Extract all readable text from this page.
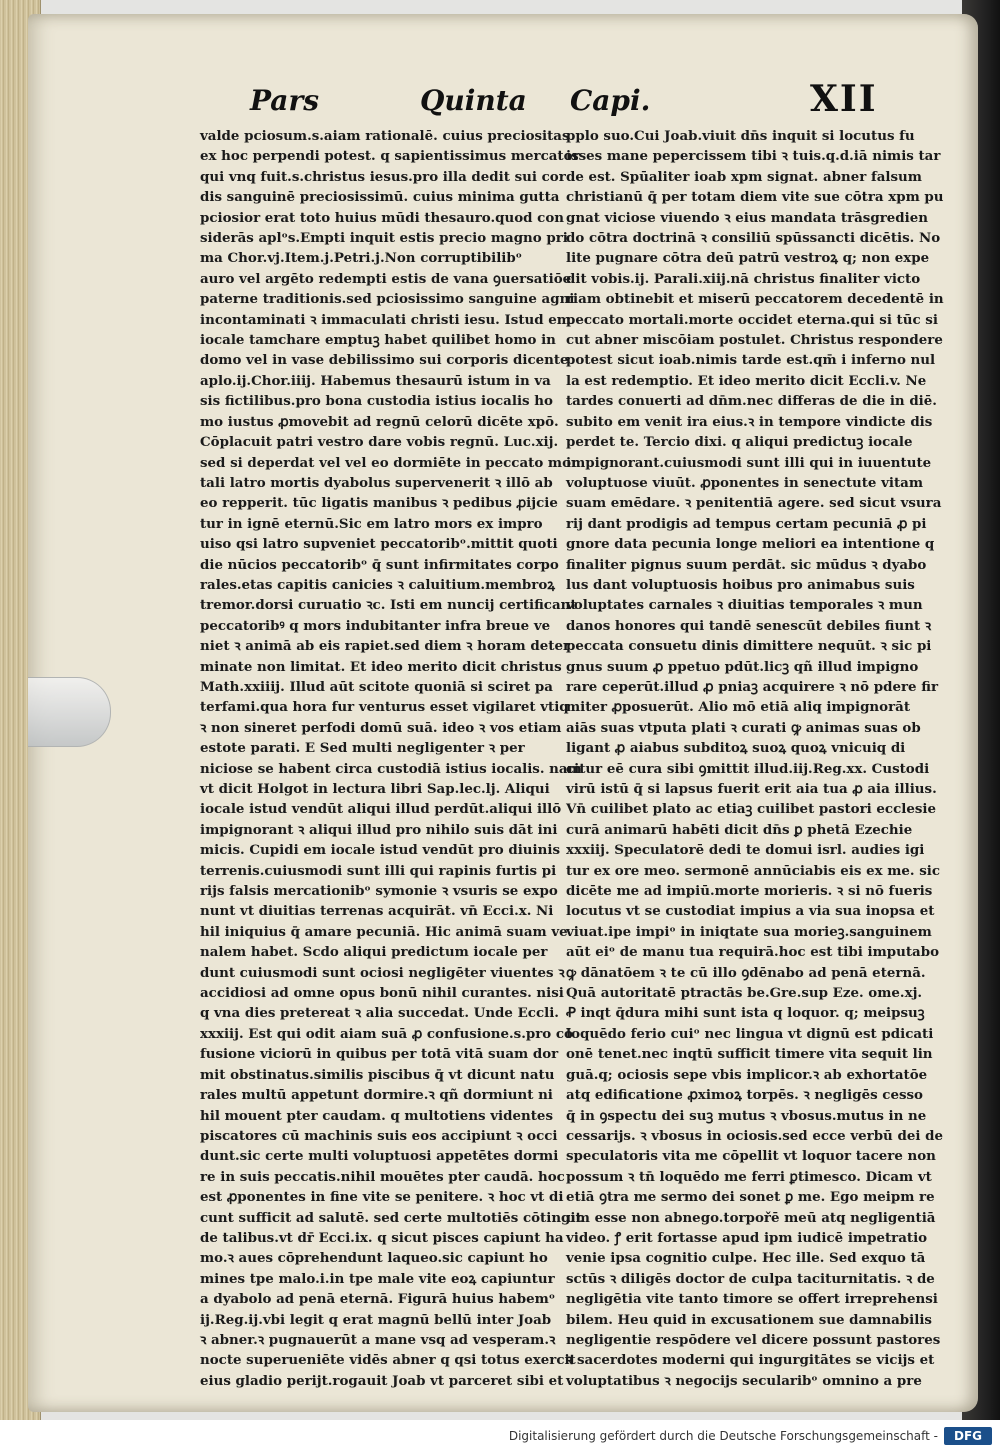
Pars	Quinta Capi.	XII
valde pciosum.s.aiam rationalē. cuius preciositas
ex hoc perpendi potest. q sapientissimus mercator
qui vnq fuit.s.christus iesus.pro illa dedit sui cor
dis sanguinē preciosissimū. cuius minima gutta
pciosior erat toto huius mūdi thesauro.quod con
siderās aplᵒs.Empti inquit estis precio magno pri
ma Chor.vj.Item.j.Petri.j.Non corruptibilibᵒ
auro vel argēto redempti estis de vana ꝯuersatiōe
paterne traditionis.sed pciosissimo sanguine agni
incontaminati ꝛ immaculati christi iesu. Istud em
iocale tamchare emptuꝫ habet quilibet homo in
domo vel in vase debilissimo sui corporis dicente
aplo.ij.Chor.iiij. Habemus thesaurū istum in va
sis fictilibus.pro bona custodia istius iocalis ho
mo iustus ꝓmovebit ad regnū celorū dicēte xpō.
Cōplacuit patri vestro dare vobis regnū. Luc.xij.
sed si deperdat vel vel eo dormiēte in peccato mor
tali latro mortis dyabolus supervenerit ꝛ illō ab
eo repperit. tūc ligatis manibus ꝛ pedibus ꝓijcie
tur in ignē eternū.Sic em latro mors ex impro
uiso qsi latro supveniet peccatoribᵒ.mittit quoti
die nūcios peccatoribᵒ q̄ sunt infirmitates corpo
rales.etas capitis canicies ꝛ caluitium.membroꝝ
tremor.dorsi curuatio ꝛc. Isti em nuncij certificant
peccatoribꝰ q mors indubitanter infra breue ve
niet ꝛ animā ab eis rapiet.sed diem ꝛ horam deter
minate non limitat. Et ideo merito dicit christus
Math.xxiiij. Illud aūt scitote quoniā si sciret pa
terfami.qua hora fur venturus esset vigilaret vtiq
ꝛ non sineret perfodi domū suā. ideo ꝛ vos etiam
estote parati. E Sed multi negligenter ꝛ per
niciose se habent circa custodiā istius iocalis. nam
vt dicit Holgot in lectura libri Sap.lec.lj. Aliqui
iocale istud vendūt aliqui illud perdūt.aliqui illō
impignorant ꝛ aliqui illud pro nihilo suis dāt ini
micis. Cupidi em iocale istud vendūt pro diuinis
terrenis.cuiusmodi sunt illi qui rapinis furtis pi
rijs falsis mercationibᵒ symonie ꝛ vsuris se expo
nunt vt diuitias terrenas acquirāt. vn̄ Ecci.x. Ni
hil iniquius q̄ amare pecuniā. Hic animā suam ve
nalem habet. Scdo aliqui predictum iocale per
dunt cuiusmodi sunt ociosi negligēter viuentes ꝛ
accidiosi ad omne opus bonū nihil curantes. nisi
q vna dies pretereat ꝛ alia succedat. Unde Eccli.
xxxiij. Est qui odit aiam suā ꝓ confusione.s.pro cō
fusione viciorū in quibus per totā vitā suam dor
mit obstinatus.similis piscibus q̄ vt dicunt natu
rales multū appetunt dormire.ꝛ qñ dormiunt ni
hil mouent pter caudam. q multotiens videntes
piscatores cū machinis suis eos accipiunt ꝛ occi
dunt.sic certe multi voluptuosi appetētes dormi
re in suis peccatis.nihil mouētes pter caudā. hoc
est ꝓponentes in fine vite se penitere. ꝛ hoc vt di
cunt sufficit ad salutē. sed certe multotiēs cōtingit
de talibus.vt dr̄ Ecci.ix. q sicut pisces capiunt ha
mo.ꝛ aues cōprehendunt laqueo.sic capiunt ho
mines tpe malo.i.in tpe male vite eoꝝ capiuntur
a dyabolo ad penā eternā. Figurā huius habemᵒ
ij.Reg.ij.vbi legit q erat magnū bellū inter Joab
ꝛ abner.ꝛ pugnauerūt a mane vsq ad vesperam.ꝛ
nocte superueniēte vidēs abner q qsi totus exercit
eius gladio perijt.rogauit Joab vt parceret sibi et
pplo suo.Cui Joab.viuit dn̄s inquit si locutus fu
isses mane pepercissem tibi ꝛ tuis.q.d.iā nimis tar
de est. Spūaliter ioab xpm signat. abner falsum
christianū q̄ per totam diem vite sue cōtra xpm pu
gnat viciose viuendo ꝛ eius mandata trāsgredien
do cōtra doctrinā ꝛ consiliū spūssancti dicētis. No
lite pugnare cōtra deū patrū vestroꝝ q; non expe
dit vobis.ij. Parali.xiij.nā christus finaliter victo
riam obtinebit et miserū peccatorem decedentē in
peccato mortali.morte occidet eterna.qui si tūc si
cut abner miscōiam postulet. Christus respondere
potest sicut ioab.nimis tarde est.qm̄ i inferno nul
la est redemptio. Et ideo merito dicit Eccli.v. Ne
tardes conuerti ad dn̄m.nec differas de die in diē.
subito em venit ira eius.ꝛ in tempore vindicte dis
perdet te. Tercio dixi. q aliqui predictuꝫ iocale
impignorant.cuiusmodi sunt illi qui in iuuentute
voluptuose viuūt. ꝓponentes in senectute vitam
suam emēdare. ꝛ penitentiā agere. sed sicut vsura
rij dant prodigis ad tempus certam pecuniā ꝓ pi
gnore data pecunia longe meliori ea intentione q
finaliter pignus suum perdāt. sic mūdus ꝛ dyabo
lus dant voluptuosis hoibus pro animabus suis
voluptates carnales ꝛ diuitias temporales ꝛ mun
danos honores qui tandē senescūt debiles fiunt ꝛ
peccata consuetu dinis dimittere nequūt. ꝛ sic pi
gnus suum ꝓ ppetuo pdūt.licꝫ qñ illud impigno
rare ceperūt.illud ꝓ pniaꝫ acquirere ꝛ nō pdere fir
miter ꝓposuerūt. Alio mō etiā aliq impignorāt
aiās suas vtputa plati ꝛ curati ꝙ animas suas ob
ligant ꝓ aiabus subditoꝝ suoꝝ quoꝝ vnicuiq di
citur eē cura sibi ꝯmittit illud.iij.Reg.xx. Custodi
virū istū q̄ si lapsus fuerit erit aia tua ꝓ aia illius.
Vn̄ cuilibet plato ac etiaꝫ cuilibet pastori ecclesie
curā animarū habēti dicit dn̄s ꝑ phetā Ezechie
xxxiij. Speculatorē dedi te domui isrl. audies igi
tur ex ore meo. sermonē annūciabis eis ex me. sic
dicēte me ad impiū.morte morieris. ꝛ si nō fueris
locutus vt se custodiat impius a via sua inopsa et
viuat.ipe impiᵒ in iniqtate sua morieꝫ.sanguinem
aūt eiᵒ de manu tua requirā.hoc est tibi imputabo
ꝙ dānatōem ꝛ te cū illo ꝯdēnabo ad penā eternā.
Quā autoritatē ptractās be.Gre.sup Eze. ome.xj.
Ꝓ inqt q̄dura mihi sunt ista q loquor. q; meipsuꝫ
loquēdo ferio cuiᵒ nec lingua vt dignū est pdicati
onē tenet.nec inqtū sufficit timere vita sequit lin
guā.q; ociosis sepe vbis implicor.ꝛ ab exhortatōe
atq edificatione ꝓximoꝝ torpēs. ꝛ negligēs cesso
q̄ in ꝯspectu dei suꝫ mutus ꝛ vbosus.mutus in ne
cessarijs. ꝛ vbosus in ociosis.sed ecce verbū dei de
speculatoris vita me cōpellit vt loquor tacere non
possum ꝛ tn̄ loquēdo me ferri ꝑtimesco. Dicam vt
etiā ꝯtra me sermo dei sonet ꝑ me. Ego meipm re
um esse non abnego.torpořē meū atq negligentiā
video. ꝭ erit fortasse apud ipm iudicē impetratio
venie ipsa cognitio culpe. Hec ille. Sed exquo tā
sctūs ꝛ diligēs doctor de culpa taciturnitatis. ꝛ de
negligētia vite tanto timore se offert irreprehensi
bilem. Heu quid in excusationem sue damnabilis
negligentie respōdere vel dicere possunt pastores
ꝛ sacerdotes moderni qui ingurgitātes se vicijs et
voluptatibus ꝛ negocijs secularibᵒ omnino a pre
Digitalisierung gefördert durch die Deutsche Forschungsgemeinschaft -	DFG
